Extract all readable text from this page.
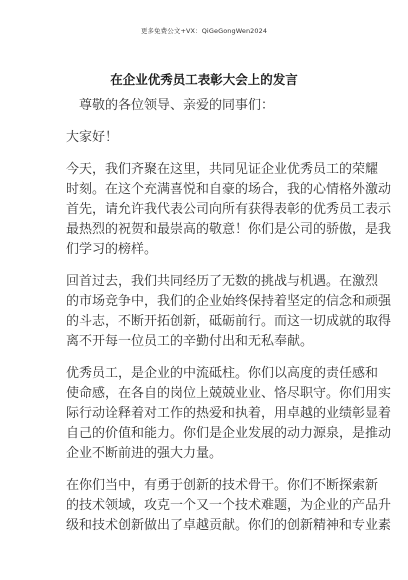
更多免费公文+VX：QiGeGongWen2024
在企业优秀员工表彰大会上的发言
尊敬的各位领导、亲爱的同事们：
大家好！
今天，我们齐聚在这里，共同见证企业优秀员工的荣耀
时刻。在这个充满喜悦和自豪的场合，我的心情格外激动
首先，请允许我代表公司向所有获得表彰的优秀员工表示
最热烈的祝贺和最崇高的敬意！你们是公司的骄傲，是我
们学习的榜样。
回首过去，我们共同经历了无数的挑战与机遇。在激烈
的市场竞争中，我们的企业始终保持着坚定的信念和顽强
的斗志，不断开拓创新，砥砺前行。而这一切成就的取得
离不开每一位员工的辛勤付出和无私奉献。
优秀员工，是企业的中流砥柱。你们以高度的责任感和
使命感，在各自的岗位上兢兢业业、恪尽职守。你们用实
际行动诠释着对工作的热爱和执着，用卓越的业绩彰显着
自己的价值和能力。你们是企业发展的动力源泉，是推动
企业不断前进的强大力量。
在你们当中，有勇于创新的技术骨干。你们不断探索新
的技术领域，攻克一个又一个技术难题，为企业的产品升
级和技术创新做出了卓越贡献。你们的创新精神和专业素
